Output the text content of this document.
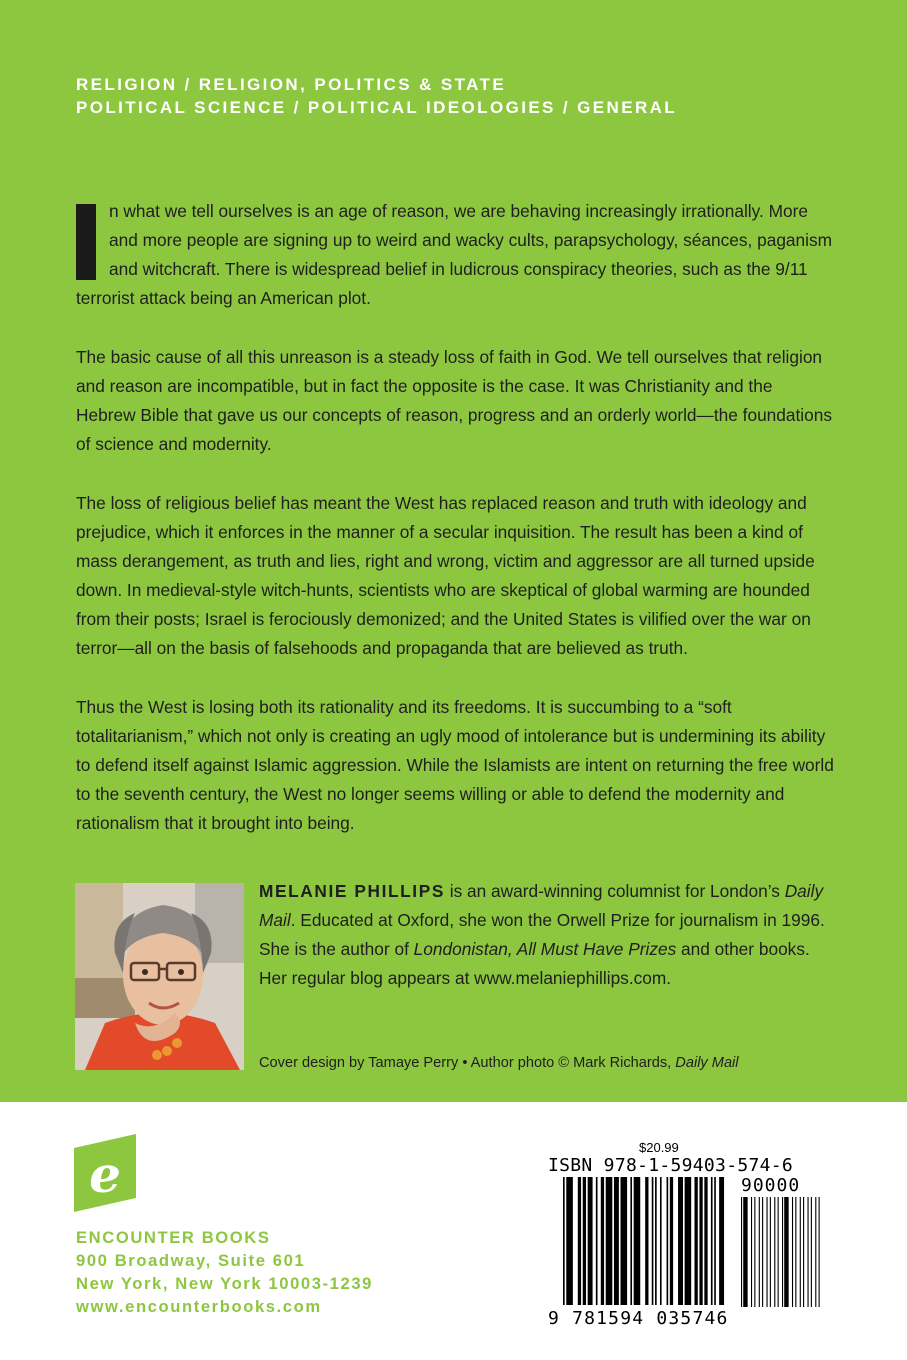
RELIGION / RELIGION, POLITICS & STATE
POLITICAL SCIENCE / POLITICAL IDEOLOGIES / GENERAL

n what we tell ourselves is an age of reason, we are behaving increasingly irrationally. More and more people are signing up to weird and wacky cults, parapsychology, séances, paganism and witchcraft. There is widespread belief in ludicrous conspiracy theories, such as the 9/11 terrorist attack being an American plot.

The basic cause of all this unreason is a steady loss of faith in God. We tell ourselves that religion and reason are incompatible, but in fact the opposite is the case. It was Christianity and the Hebrew Bible that gave us our concepts of reason, progress and an orderly world—the foundations of science and modernity.

The loss of religious belief has meant the West has replaced reason and truth with ideology and prejudice, which it enforces in the manner of a secular inquisition. The result has been a kind of mass derangement, as truth and lies, right and wrong, victim and aggressor are all turned upside down. In medieval-style witch-hunts, scientists who are skeptical of global warming are hounded from their posts; Israel is ferociously demonized; and the United States is vilified over the war on terror—all on the basis of falsehoods and propaganda that are believed as truth.

Thus the West is losing both its rationality and its freedoms. It is succumbing to a “soft totalitarianism,” which not only is creating an ugly mood of intolerance but is undermining its ability to defend itself against Islamic aggression. While the Islamists are intent on returning the free world to the seventh century, the West no longer seems willing or able to defend the modernity and rationalism that it brought into being.

MELANIE PHILLIPS is an award-winning columnist for London’s Daily Mail. Educated at Oxford, she won the Orwell Prize for journalism in 1996. She is the author of Londonistan, All Must Have Prizes and other books. Her regular blog appears at www.melaniephillips.com.
Cover design by Tamaye Perry • Author photo © Mark Richards, Daily Mail
e
ENCOUNTER BOOKS
900 Broadway, Suite 601
New York, New York 10003-1239
www.encounterbooks.com
$20.99
ISBN 978-1-59403-574-6
90000
9 781594 035746
